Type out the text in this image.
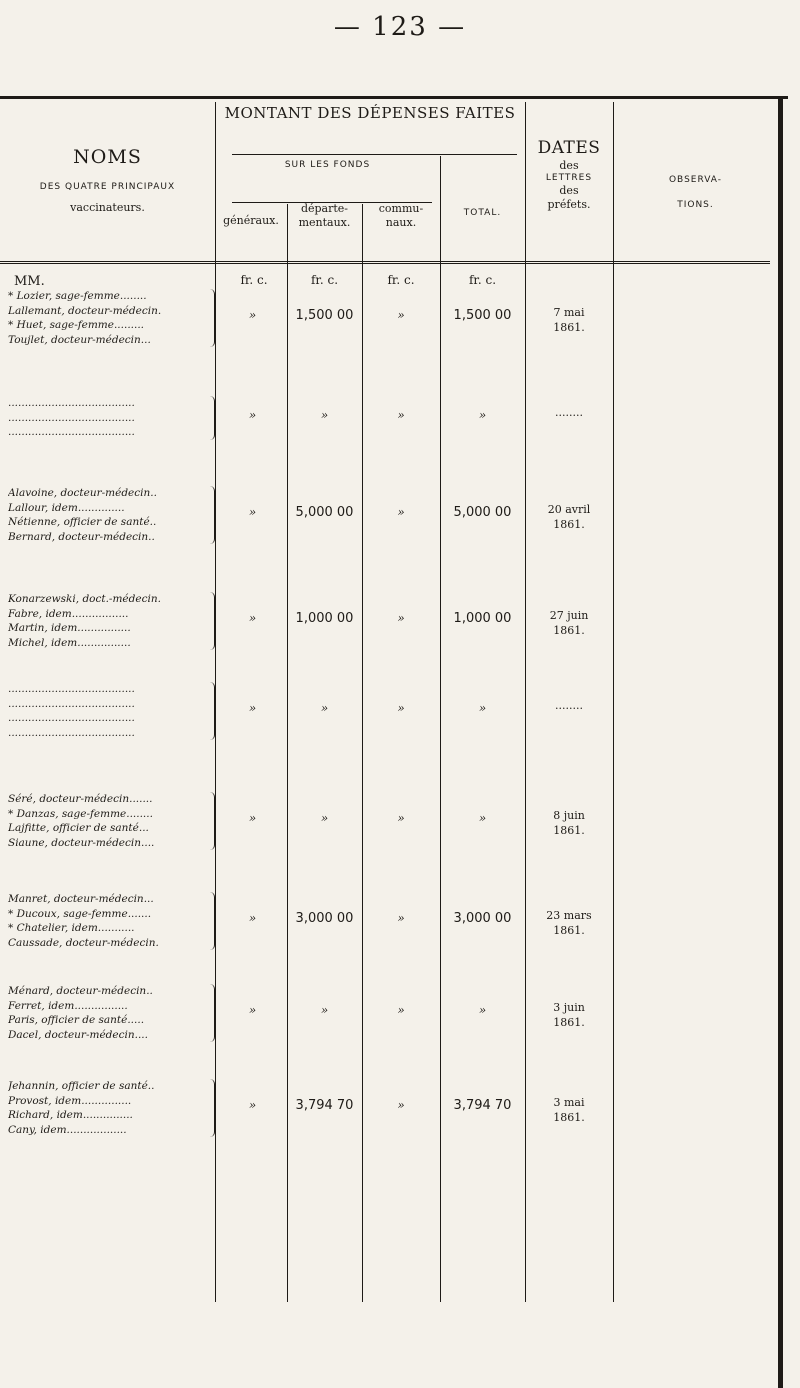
— 123 —
NOMS
DES QUATRE PRINCIPAUX
vaccinateurs.
MONTANT DES DÉPENSES FAITES
SUR LES FONDS
généraux.
départe-
mentaux.
commu-
naux.
TOTAL.
DATES
des
LETTRES
des
préfets.
OBSERVA-
TIONS.
MM.	fr. c.	fr. c.	fr. c.	fr. c.
* Lozier, sage-femme........
Lallemant, docteur-médecin.
* Huet, sage-femme.........
Toujlet, docteur-médecin...
»	1,500 00	»	1,500 00	7 mai
1861.
......................................
......................................
......................................
»	»	»	»	........
Alavoine, docteur-médecin..
Lallour, idem..............
Nétienne, officier de santé..
Bernard, docteur-médecin..
»	5,000 00	»	5,000 00	20 avril
1861.
Konarzewski, doct.-médecin.
Fabre, idem.................
Martin, idem................
Michel, idem................
»	1,000 00	»	1,000 00	27 juin
1861.
......................................
......................................
......................................
......................................
»	»	»	»	........
Séré, docteur-médecin.......
* Danzas, sage-femme........
Lajfitte, officier de santé...
Siaune, docteur-médecin....
»	»	»	»	8 juin
1861.
Manret, docteur-médecin...
* Ducoux, sage-femme.......
* Chatelier, idem...........
Caussade, docteur-médecin.
»	3,000 00	»	3,000 00	23 mars
1861.
Ménard, docteur-médecin..
Ferret, idem................
Paris, officier de santé.....
Dacel, docteur-médecin....
»	»	»	»	3 juin
1861.
Jehannin, officier de santé..
Provost, idem...............
Richard, idem...............
Cany, idem..................
»	3,794 70	»	3,794 70	3 mai
1861.
